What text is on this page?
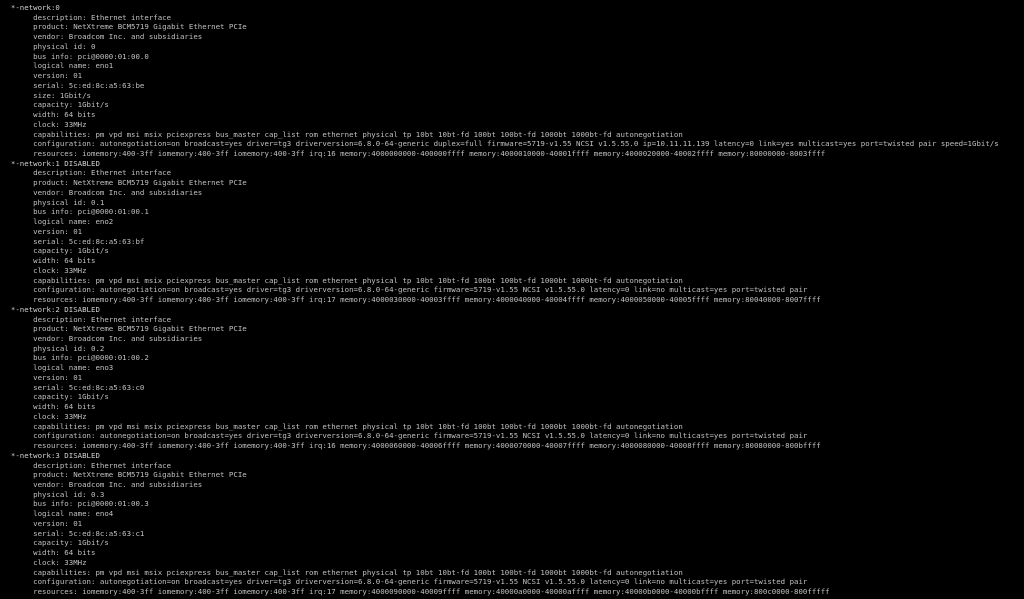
*-network:0
description: Ethernet interface
product: NetXtreme BCM5719 Gigabit Ethernet PCIe
vendor: Broadcom Inc. and subsidiaries
physical id: 0
bus info: pci@0000:01:00.0
logical name: eno1
version: 01
serial: 5c:ed:8c:a5:63:be
size: 1Gbit/s
capacity: 1Gbit/s
width: 64 bits
clock: 33MHz
capabilities: pm vpd msi msix pciexpress bus_master cap_list rom ethernet physical tp 10bt 10bt-fd 100bt 100bt-fd 1000bt 1000bt-fd autonegotiation
configuration: autonegotiation=on broadcast=yes driver=tg3 driverversion=6.8.0-64-generic duplex=full firmware=5719-v1.55 NCSI v1.5.55.0 ip=10.11.11.139 latency=0 link=yes multicast=yes port=twisted pair speed=1Gbit/s
resources: iomemory:400-3ff iomemory:400-3ff iomemory:400-3ff irq:16 memory:4000000000-400000ffff memory:4000010000-40001ffff memory:4000020000-40002ffff memory:80000000-8003ffff
*-network:1 DISABLED
description: Ethernet interface
product: NetXtreme BCM5719 Gigabit Ethernet PCIe
vendor: Broadcom Inc. and subsidiaries
physical id: 0.1
bus info: pci@0000:01:00.1
logical name: eno2
version: 01
serial: 5c:ed:8c:a5:63:bf
capacity: 1Gbit/s
width: 64 bits
clock: 33MHz
capabilities: pm vpd msi msix pciexpress bus_master cap_list rom ethernet physical tp 10bt 10bt-fd 100bt 100bt-fd 1000bt 1000bt-fd autonegotiation
configuration: autonegotiation=on broadcast=yes driver=tg3 driverversion=6.8.0-64-generic firmware=5719-v1.55 NCSI v1.5.55.0 latency=0 link=no multicast=yes port=twisted pair
resources: iomemory:400-3ff iomemory:400-3ff iomemory:400-3ff irq:17 memory:4000030000-40003ffff memory:4000040000-40004ffff memory:4000050000-40005ffff memory:80040000-8007ffff
*-network:2 DISABLED
description: Ethernet interface
product: NetXtreme BCM5719 Gigabit Ethernet PCIe
vendor: Broadcom Inc. and subsidiaries
physical id: 0.2
bus info: pci@0000:01:00.2
logical name: eno3
version: 01
serial: 5c:ed:8c:a5:63:c0
capacity: 1Gbit/s
width: 64 bits
clock: 33MHz
capabilities: pm vpd msi msix pciexpress bus_master cap_list rom ethernet physical tp 10bt 10bt-fd 100bt 100bt-fd 1000bt 1000bt-fd autonegotiation
configuration: autonegotiation=on broadcast=yes driver=tg3 driverversion=6.8.0-64-generic firmware=5719-v1.55 NCSI v1.5.55.0 latency=0 link=no multicast=yes port=twisted pair
resources: iomemory:400-3ff iomemory:400-3ff iomemory:400-3ff irq:16 memory:4000060000-40006ffff memory:4000070000-40007ffff memory:4000080000-40008ffff memory:80080000-800bffff
*-network:3 DISABLED
description: Ethernet interface
product: NetXtreme BCM5719 Gigabit Ethernet PCIe
vendor: Broadcom Inc. and subsidiaries
physical id: 0.3
bus info: pci@0000:01:00.3
logical name: eno4
version: 01
serial: 5c:ed:8c:a5:63:c1
capacity: 1Gbit/s
width: 64 bits
clock: 33MHz
capabilities: pm vpd msi msix pciexpress bus_master cap_list rom ethernet physical tp 10bt 10bt-fd 100bt 100bt-fd 1000bt 1000bt-fd autonegotiation
configuration: autonegotiation=on broadcast=yes driver=tg3 driverversion=6.8.0-64-generic firmware=5719-v1.55 NCSI v1.5.55.0 latency=0 link=no multicast=yes port=twisted pair
resources: iomemory:400-3ff iomemory:400-3ff iomemory:400-3ff irq:17 memory:4000090000-40009ffff memory:40000a0000-40000affff memory:40000b0000-40000bffff memory:800c0000-800fffff
